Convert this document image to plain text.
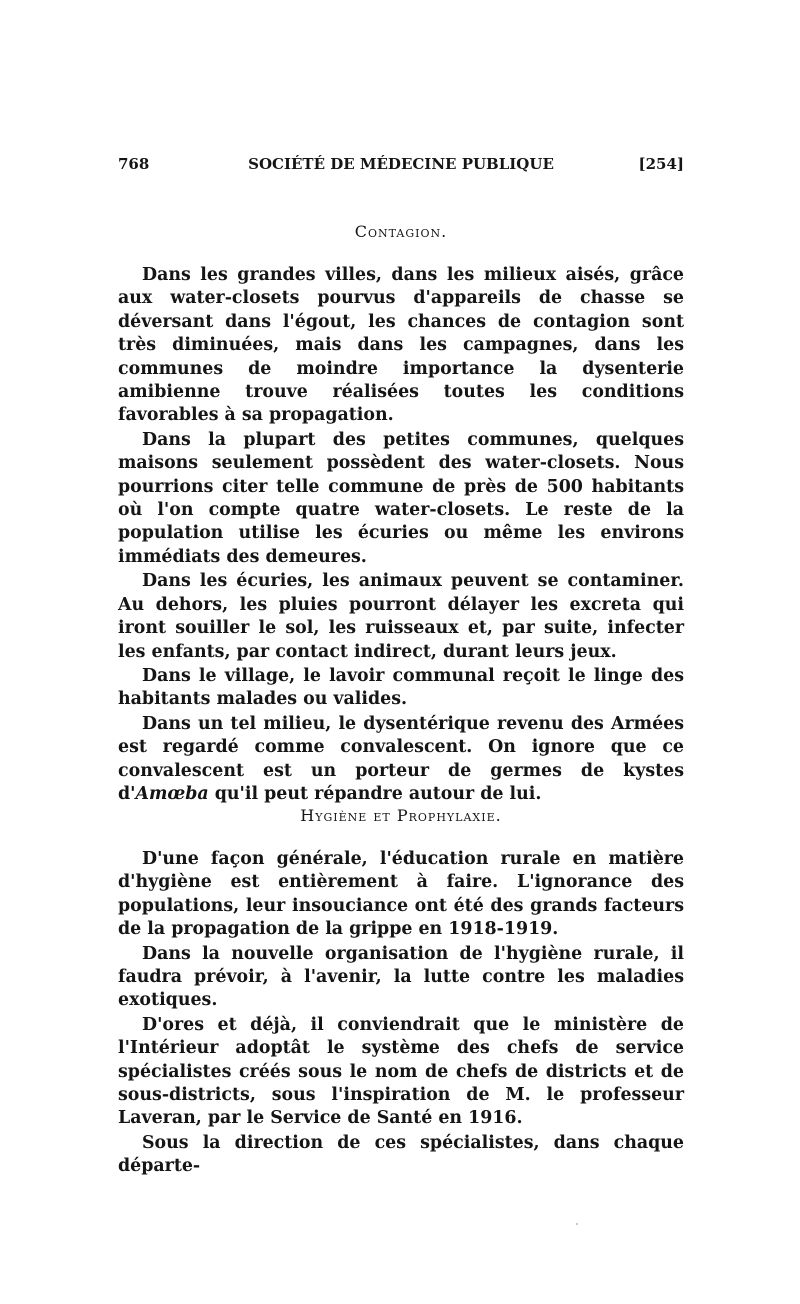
768	SOCIÉTÉ DE MÉDECINE PUBLIQUE	[254]
Contagion.

Dans les grandes villes, dans les milieux aisés, grâce aux water-closets pourvus d'appareils de chasse se déversant dans l'égout, les chances de contagion sont très diminuées, mais dans les campagnes, dans les communes de moindre importance la dysenterie amibienne trouve réalisées toutes les conditions favorables à sa propagation.

Dans la plupart des petites communes, quelques maisons seulement possèdent des water-closets. Nous pourrions citer telle commune de près de 500 habitants où l'on compte quatre water-closets. Le reste de la population utilise les écuries ou même les environs immédiats des demeures.

Dans les écuries, les animaux peuvent se contaminer. Au dehors, les pluies pourront délayer les excreta qui iront souiller le sol, les ruisseaux et, par suite, infecter les enfants, par contact indirect, durant leurs jeux.

Dans le village, le lavoir communal reçoit le linge des habitants malades ou valides.

Dans un tel milieu, le dysentérique revenu des Armées est regardé comme convalescent. On ignore que ce convalescent est un porteur de germes de kystes d'Amœba qu'il peut répandre autour de lui.

Hygiène et Prophylaxie.

D'une façon générale, l'éducation rurale en matière d'hygiène est entièrement à faire. L'ignorance des populations, leur insouciance ont été des grands facteurs de la propagation de la grippe en 1918-1919.

Dans la nouvelle organisation de l'hygiène rurale, il faudra prévoir, à l'avenir, la lutte contre les maladies exotiques.

D'ores et déjà, il conviendrait que le ministère de l'Intérieur adoptât le système des chefs de service spécialistes créés sous le nom de chefs de districts et de sous-districts, sous l'inspiration de M. le professeur Laveran, par le Service de Santé en 1916.

Sous la direction de ces spécialistes, dans chaque départe-
